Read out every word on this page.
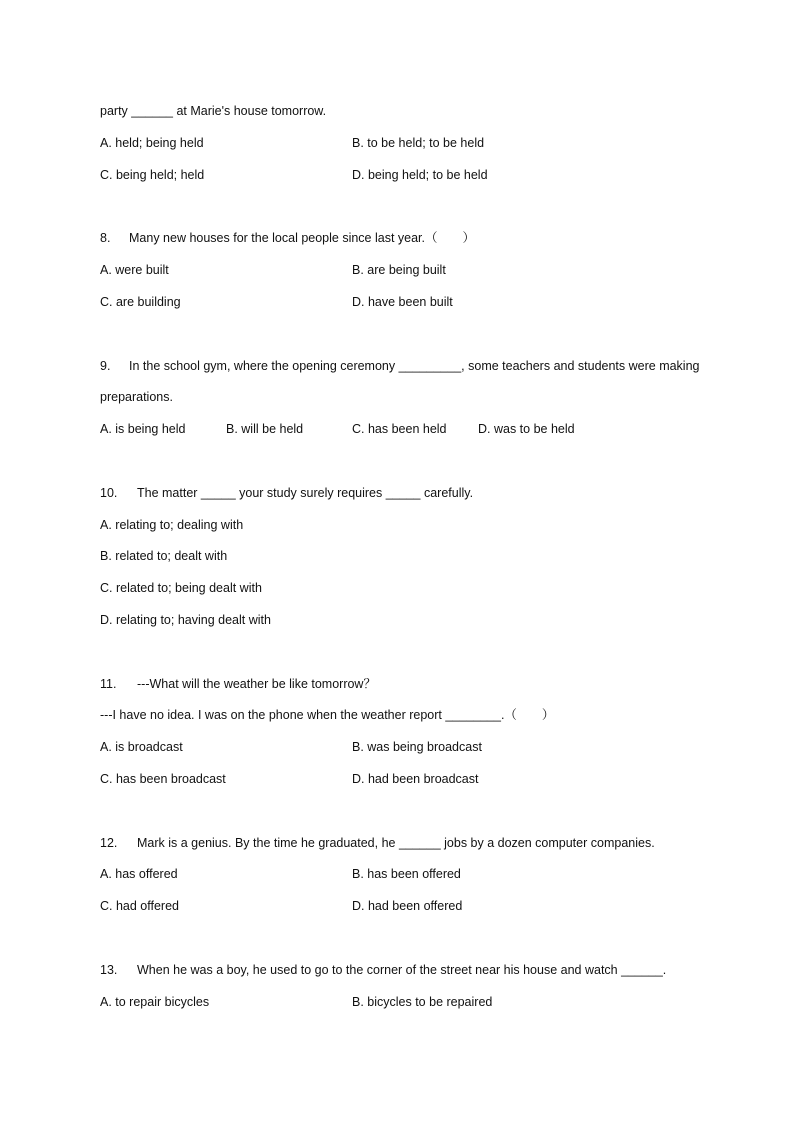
party ______ at Marie's house tomorrow.
A. held; being held	B. to be held; to be held
C. being held; held	D. being held; to be held
8. Many new houses for the local people since last year.（　　）
A. were built	B. are being built
C. are building	D. have been built
9. In the school gym, where the opening ceremony _________, some teachers and students were making
preparations.
A. is being held	B. will be held	C. has been held	D. was to be held
10. The matter _____ your study surely requires _____ carefully.
A. relating to; dealing with
B. related to; dealt with
C. related to; being dealt with
D. relating to; having dealt with
11. ---What will the weather be like tomorrow？
---I have no idea. I was on the phone when the weather report ________.（　　）
A. is broadcast	B. was being broadcast
C. has been broadcast	D. had been broadcast
12. Mark is a genius. By the time he graduated, he ______ jobs by a dozen computer companies.
A. has offered	B. has been offered
C. had offered	D. had been offered
13. When he was a boy, he used to go to the corner of the street near his house and watch ______.
A. to repair bicycles	B. bicycles to be repaired
